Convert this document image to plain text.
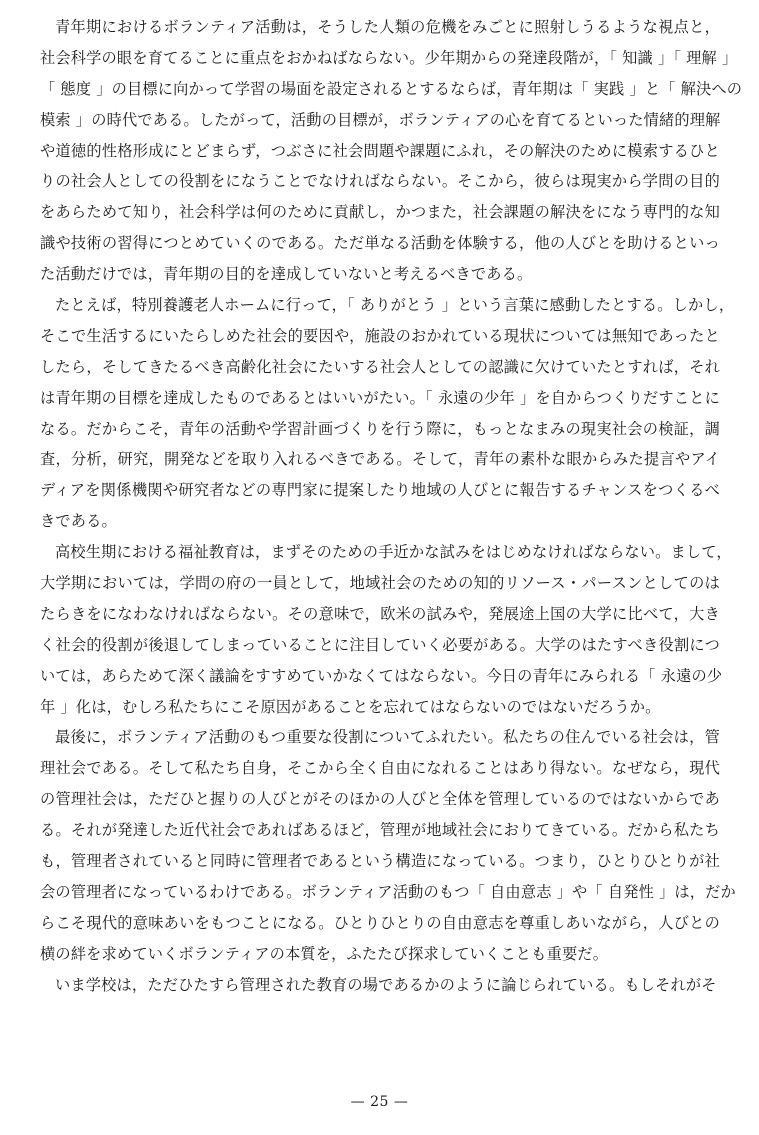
青年期におけるボランティア活動は，そうした人類の危機をみごとに照射しうるような視点と，
社会科学の眼を育てることに重点をおかねばならない。少年期からの発達段階が，「 知識 」「 理解 」
「 態度 」の目標に向かって学習の場面を設定されるとするならば，青年期は「 実践 」と「 解決への
模索 」の時代である。したがって，活動の目標が，ボランティアの心を育てるといった情緒的理解
や道徳的性格形成にとどまらず，つぶさに社会問題や課題にふれ，その解決のために模索するひと
りの社会人としての役割をになうことでなければならない。そこから，彼らは現実から学問の目的
をあらためて知り，社会科学は何のために貢献し，かつまた，社会課題の解決をになう専門的な知
識や技術の習得につとめていくのである。ただ単なる活動を体験する，他の人びとを助けるといっ
た活動だけでは，青年期の目的を達成していないと考えるべきである。
たとえば，特別養護老人ホームに行って，「 ありがとう 」という言葉に感動したとする。しかし，
そこで生活するにいたらしめた社会的要因や，施設のおかれている現状については無知であったと
したら，そしてきたるべき高齢化社会にたいする社会人としての認識に欠けていたとすれば，それ
は青年期の目標を達成したものであるとはいいがたい。「 永遠の少年 」を自からつくりだすことに
なる。だからこそ，青年の活動や学習計画づくりを行う際に，もっとなまみの現実社会の検証，調
査，分析，研究，開発などを取り入れるべきである。そして，青年の素朴な眼からみた提言やアイ
ディアを関係機関や研究者などの専門家に提案したり地域の人びとに報告するチャンスをつくるべ
きである。
高校生期における福祉教育は，まずそのための手近かな試みをはじめなければならない。まして，
大学期においては，学問の府の一員として，地域社会のための知的リソース・パースンとしてのは
たらきをになわなければならない。その意味で，欧米の試みや，発展途上国の大学に比べて，大き
く社会的役割が後退してしまっていることに注目していく必要がある。大学のはたすべき役割につ
いては，あらためて深く議論をすすめていかなくてはならない。今日の青年にみられる「 永遠の少
年 」化は，むしろ私たちにこそ原因があることを忘れてはならないのではないだろうか。
最後に，ボランティア活動のもつ重要な役割についてふれたい。私たちの住んでいる社会は，管
理社会である。そして私たち自身，そこから全く自由になれることはあり得ない。なぜなら，現代
の管理社会は，ただひと握りの人びとがそのほかの人びと全体を管理しているのではないからであ
る。それが発達した近代社会であればあるほど，管理が地域社会におりてきている。だから私たち
も，管理者されていると同時に管理者であるという構造になっている。つまり，ひとりひとりが社
会の管理者になっているわけである。ボランティア活動のもつ「 自由意志 」や「 自発性 」は，だか
らこそ現代的意味あいをもつことになる。ひとりひとりの自由意志を尊重しあいながら，人びとの
横の絆を求めていくボランティアの本質を，ふたたび探求していくことも重要だ。
いま学校は，ただひたすら管理された教育の場であるかのように論じられている。もしそれがそ
— 25 —
